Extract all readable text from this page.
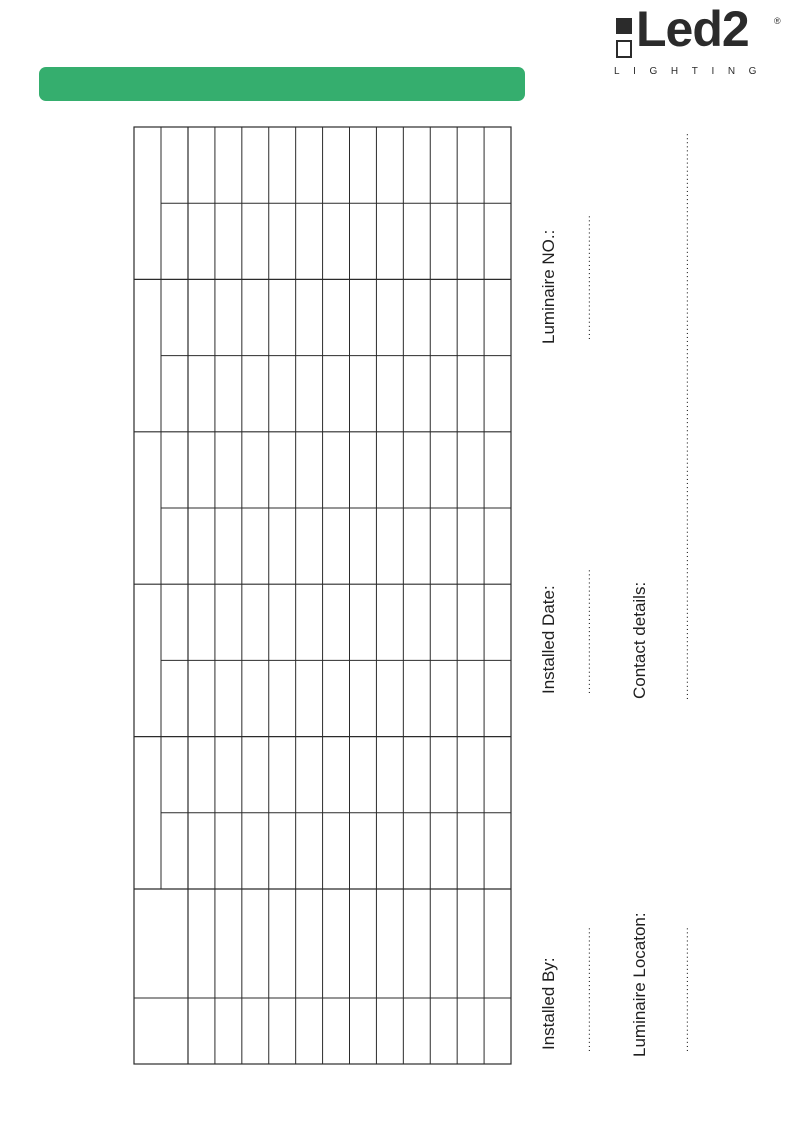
Led2	®
LIGHTING
Installed By: ............................... Luminaire Locaton:	...............................
Installed Date: ............................... Contact details:	............................................................................................................................................
Luminaire NO.: ...............................
